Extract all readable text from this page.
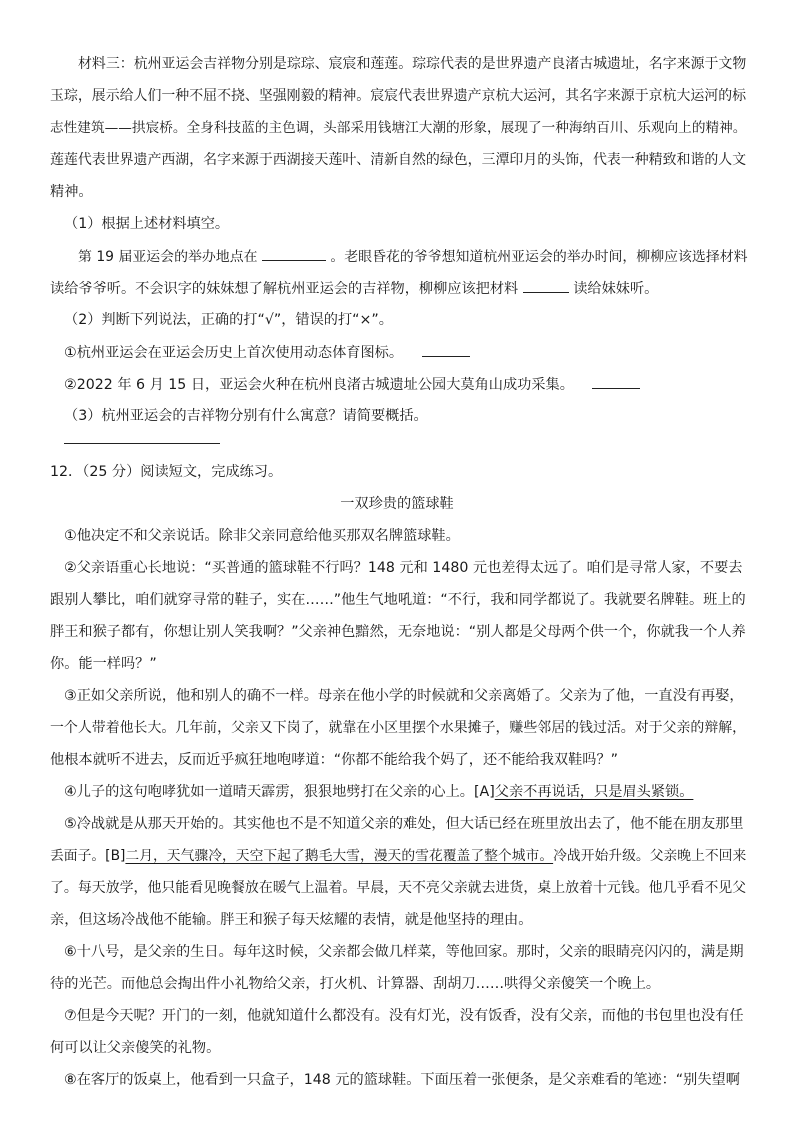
材料三：杭州亚运会吉祥物分别是琮琮、宸宸和莲莲。琮琮代表的是世界遗产良渚古城遗址，名字来源于文物
玉琮，展示给人们一种不屈不挠、坚强刚毅的精神。宸宸代表世界遗产京杭大运河，其名字来源于京杭大运河的标
志性建筑——拱宸桥。全身科技蓝的主色调，头部采用钱塘江大潮的形象，展现了一种海纳百川、乐观向上的精神。
莲莲代表世界遗产西湖，名字来源于西湖接天莲叶、清新自然的绿色，三潭印月的头饰，代表一种精致和谐的人文
精神。
（1）根据上述材料填空。
第 19 届亚运会的举办地点在	。老眼昏花的爷爷想知道杭州亚运会的举办时间，柳柳应该选择材料
读给爷爷听。不会识字的妹妹想了解杭州亚运会的吉祥物，柳柳应该把材料	读给妹妹听。
（2）判断下列说法，正确的打“√”，错误的打“×”。
①杭州亚运会在亚运会历史上首次使用动态体育图标。
②2022 年 6 月 15 日，亚运会火种在杭州良渚古城遗址公园大莫角山成功采集。
（3）杭州亚运会的吉祥物分别有什么寓意？请简要概括。
12．（25 分）阅读短文，完成练习。
一双珍贵的篮球鞋
①他决定不和父亲说话。除非父亲同意给他买那双名牌篮球鞋。
②父亲语重心长地说：“买普通的篮球鞋不行吗？148 元和 1480 元也差得太远了。咱们是寻常人家，不要去
跟别人攀比，咱们就穿寻常的鞋子，实在……”他生气地吼道：“不行，我和同学都说了。我就要名牌鞋。班上的
胖王和猴子都有，你想让别人笑我啊？”父亲神色黯然，无奈地说：“别人都是父母两个供一个，你就我一个人养
你。能一样吗？”
③正如父亲所说，他和别人的确不一样。母亲在他小学的时候就和父亲离婚了。父亲为了他，一直没有再娶，
一个人带着他长大。几年前，父亲又下岗了，就靠在小区里摆个水果摊子，赚些邻居的钱过活。对于父亲的辩解，
他根本就听不进去，反而近乎疯狂地咆哮道：“你都不能给我个妈了，还不能给我双鞋吗？”
④儿子的这句咆哮犹如一道晴天霹雳，狠狠地劈打在父亲的心上。[A]父亲不再说话，只是眉头紧锁。
⑤冷战就是从那天开始的。其实他也不是不知道父亲的难处，但大话已经在班里放出去了，他不能在朋友那里
丢面子。[B]二月，天气骤冷，天空下起了鹅毛大雪，漫天的雪花覆盖了整个城市。冷战开始升级。父亲晚上不回来
了。每天放学，他只能看见晚餐放在暖气上温着。早晨，天不亮父亲就去进货，桌上放着十元钱。他几乎看不见父
亲，但这场冷战他不能输。胖王和猴子每天炫耀的表情，就是他坚持的理由。
⑥十八号，是父亲的生日。每年这时候，父亲都会做几样菜，等他回家。那时，父亲的眼睛亮闪闪的，满是期
待的光芒。而他总会掏出件小礼物给父亲，打火机、计算器、刮胡刀……哄得父亲傻笑一个晚上。
⑦但是今天呢？开门的一刻，他就知道什么都没有。没有灯光，没有饭香，没有父亲，而他的书包里也没有任
何可以让父亲傻笑的礼物。
⑧在客厅的饭桌上，他看到一只盒子，148 元的篮球鞋。下面压着一张便条，是父亲难看的笔迹：“别失望啊
